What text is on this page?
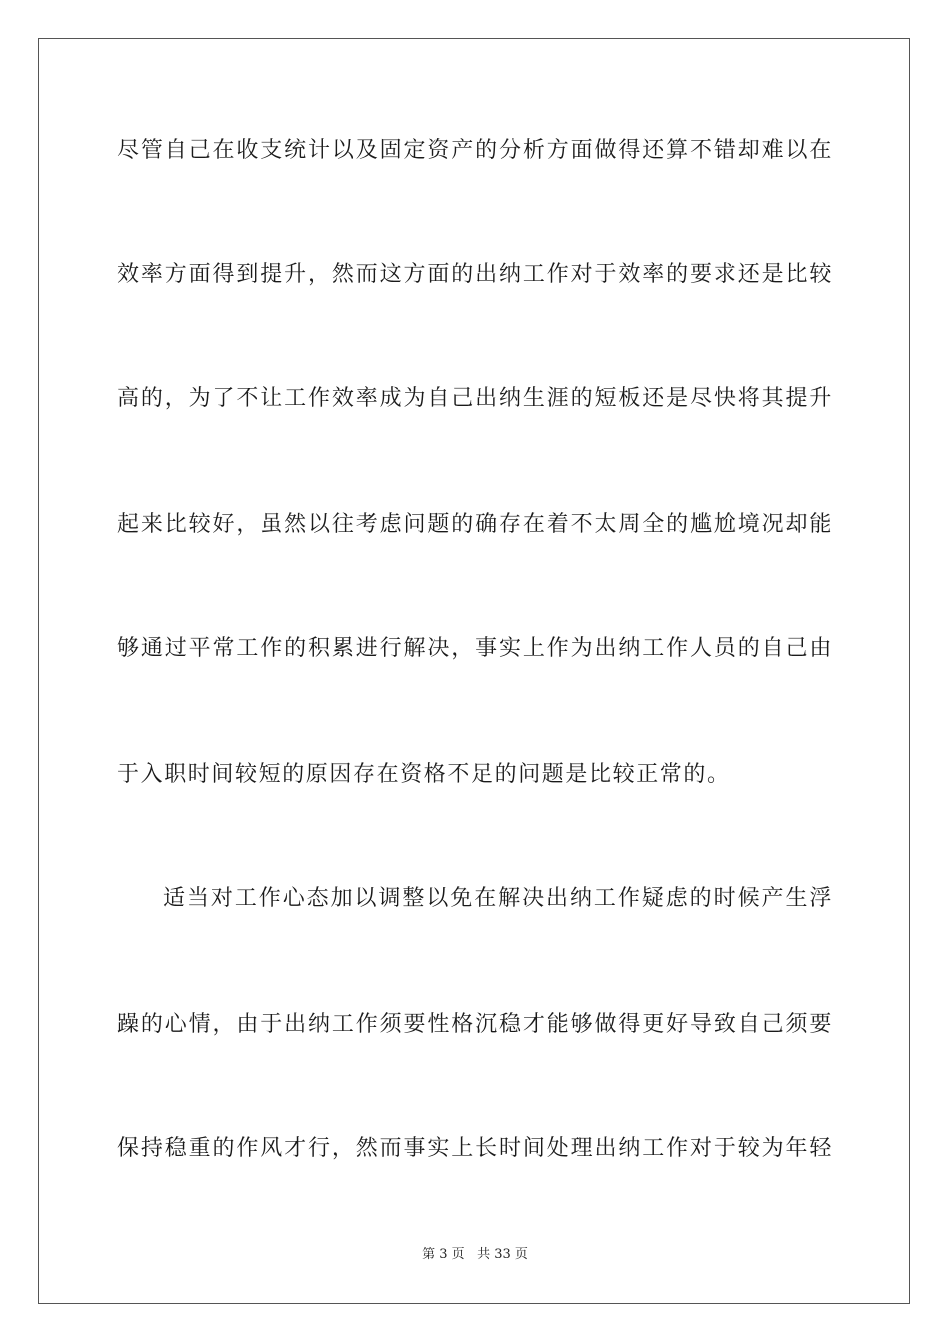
尽管自己在收支统计以及固定资产的分析方面做得还算不错却难以在
效率方面得到提升，然而这方面的出纳工作对于效率的要求还是比较
高的，为了不让工作效率成为自己出纳生涯的短板还是尽快将其提升
起来比较好，虽然以往考虑问题的确存在着不太周全的尴尬境况却能
够通过平常工作的积累进行解决，事实上作为出纳工作人员的自己由
于入职时间较短的原因存在资格不足的问题是比较正常的。
适当对工作心态加以调整以免在解决出纳工作疑虑的时候产生浮
躁的心情，由于出纳工作须要性格沉稳才能够做得更好导致自己须要
保持稳重的作风才行，然而事实上长时间处理出纳工作对于较为年轻
第 3 页 共 33 页
